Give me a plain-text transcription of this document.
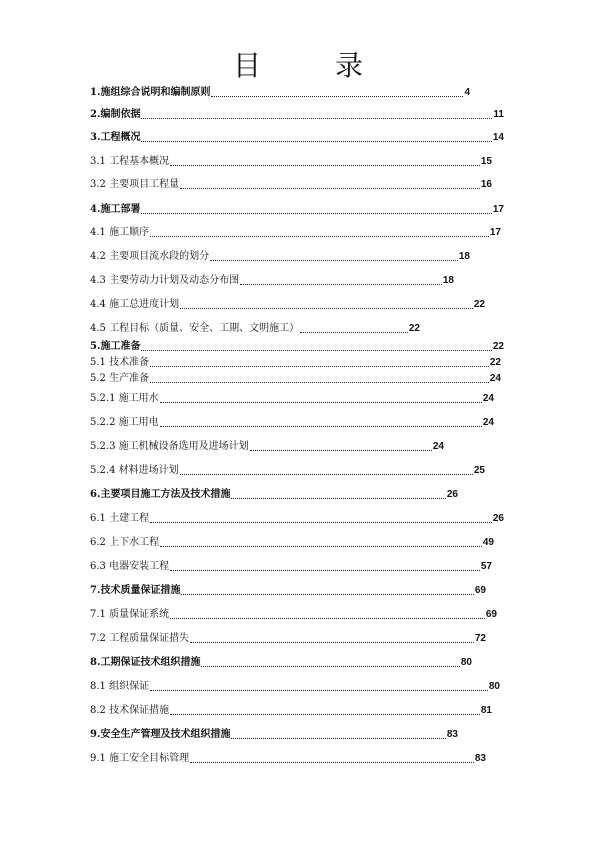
目	录
1.施组综合说明和编制原则	4
2.编制依据	11
3.工程概况	14
3.1 工程基本概况	15
3.2 主要项目工程量	16
4.施工部署	17
4.1 施工顺序	17
4.2 主要项目流水段的划分	18
4.3 主要劳动力计划及动态分布图	18
4.4 施工总进度计划	22
4.5 工程目标（质量、安全、工期、文明施工）	22
5.施工准备	22
5.1 技术准备	22
5.2 生产准备	24
5.2.1 施工用水	24
5.2.2 施工用电	24
5.2.3 施工机械设备选用及进场计划	24
5.2.4 材料进场计划	25
6.主要项目施工方法及技术措施	26
6.1 土建工程	26
6.2 上下水工程	49
6.3 电器安装工程	57
7.技术质量保证措施	69
7.1 质量保证系统	69
7.2 工程质量保证措失	72
8.工期保证技术组织措施	80
8.1 组织保证	80
8.2 技术保证措施	81
9.安全生产管理及技术组织措施	83
9.1 施工安全目标管理	83
